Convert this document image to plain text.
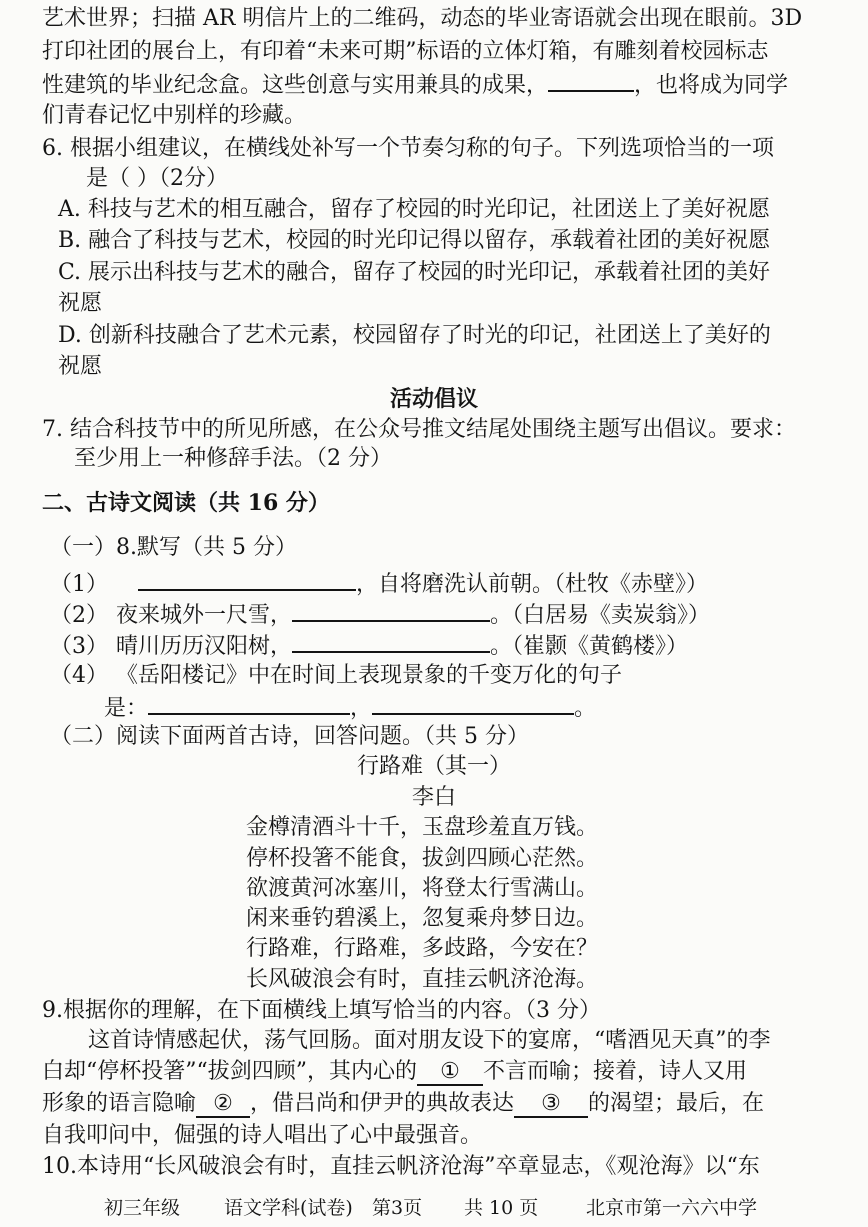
艺术世界；扫描 AR 明信片上的二维码，动态的毕业寄语就会出现在眼前。3D
打印社团的展台上，有印着“未来可期”标语的立体灯箱，有雕刻着校园标志
性建筑的毕业纪念盒。这些创意与实用兼具的成果，	，也将成为同学
们青春记忆中别样的珍藏。
6. 根据小组建议，在横线处补写一个节奏匀称的句子。下列选项恰当的一项
是（ ）（2分）
A. 科技与艺术的相互融合，留存了校园的时光印记，社团送上了美好祝愿
B. 融合了科技与艺术，校园的时光印记得以留存，承载着社团的美好祝愿
C. 展示出科技与艺术的融合，留存了校园的时光印记，承载着社团的美好
祝愿
D. 创新科技融合了艺术元素，校园留存了时光的印记，社团送上了美好的
祝愿
活动倡议
7. 结合科技节中的所见所感，在公众号推文结尾处围绕主题写出倡议。要求：
至少用上一种修辞手法。（2 分）
二、古诗文阅读（共 16 分）
（一）8.默写（共 5 分）
（1）	，自将磨洗认前朝。（杜牧《赤壁》）
（2） 夜来城外一尺雪，	。（白居易《卖炭翁》）
（3） 晴川历历汉阳树，	。（崔颢《黄鹤楼》）
（4） 《岳阳楼记》中在时间上表现景象的千变万化的句子
是：	，	。
（二）阅读下面两首古诗，回答问题。（共 5 分）
行路难（其一）
李白
金樽清酒斗十千，玉盘珍羞直万钱。
停杯投箸不能食，拔剑四顾心茫然。
欲渡黄河冰塞川，将登太行雪满山。
闲来垂钓碧溪上，忽复乘舟梦日边。
行路难，行路难，多歧路，今安在？
长风破浪会有时，直挂云帆济沧海。
9.根据你的理解，在下面横线上填写恰当的内容。（3 分）
这首诗情感起伏，荡气回肠。面对朋友设下的宴席，“嗜酒见天真”的李
白却“停杯投箸”“拔剑四顾”，其内心的 ① 不言而喻；接着，诗人又用
形象的语言隐喻 ② ，借吕尚和伊尹的典故表达 ③ 的渴望；最后，在
自我叩问中，倔强的诗人唱出了心中最强音。
10.本诗用“长风破浪会有时，直挂云帆济沧海”卒章显志，《观沧海》以“东
初三年级 语文学科(试卷) 第3页 共 10 页	北京市第一六六中学
